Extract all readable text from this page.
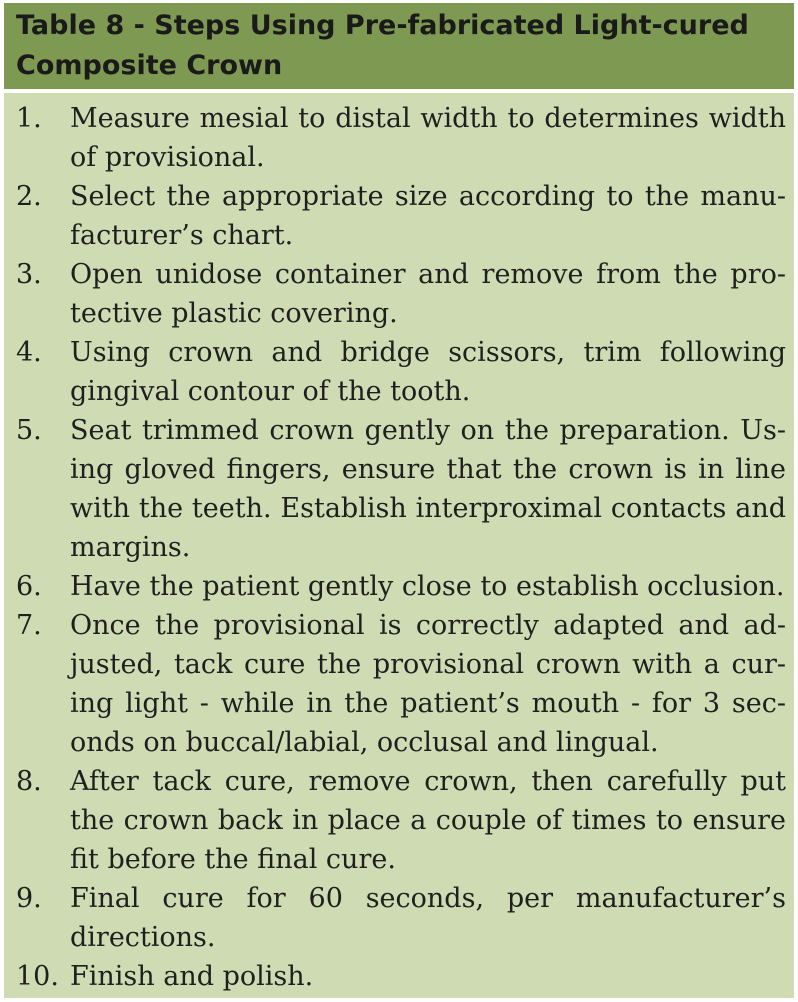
Table 8 - Steps Using Pre-fabricated Light-cured Composite Crown
1.	Measure mesial to distal width to determines width of provisional.
2.	Select the appropriate size according to the manufacturer’s chart.
3.	Open unidose container and remove from the protective plastic covering.
4.	Using crown and bridge scissors, trim following gingival contour of the tooth.
5.	Seat trimmed crown gently on the preparation. Using gloved fingers, ensure that the crown is in line with the teeth. Establish interproximal contacts and margins.
6.	Have the patient gently close to establish occlusion.
7.	Once the provisional is correctly adapted and adjusted, tack cure the provisional crown with a curing light - while in the patient’s mouth - for 3 seconds on buccal/labial, occlusal and lingual.
8.	After tack cure, remove crown, then carefully put the crown back in place a couple of times to ensure fit before the final cure.
9.	Final cure for 60 seconds, per manufacturer’s directions.
10. Finish and polish.
